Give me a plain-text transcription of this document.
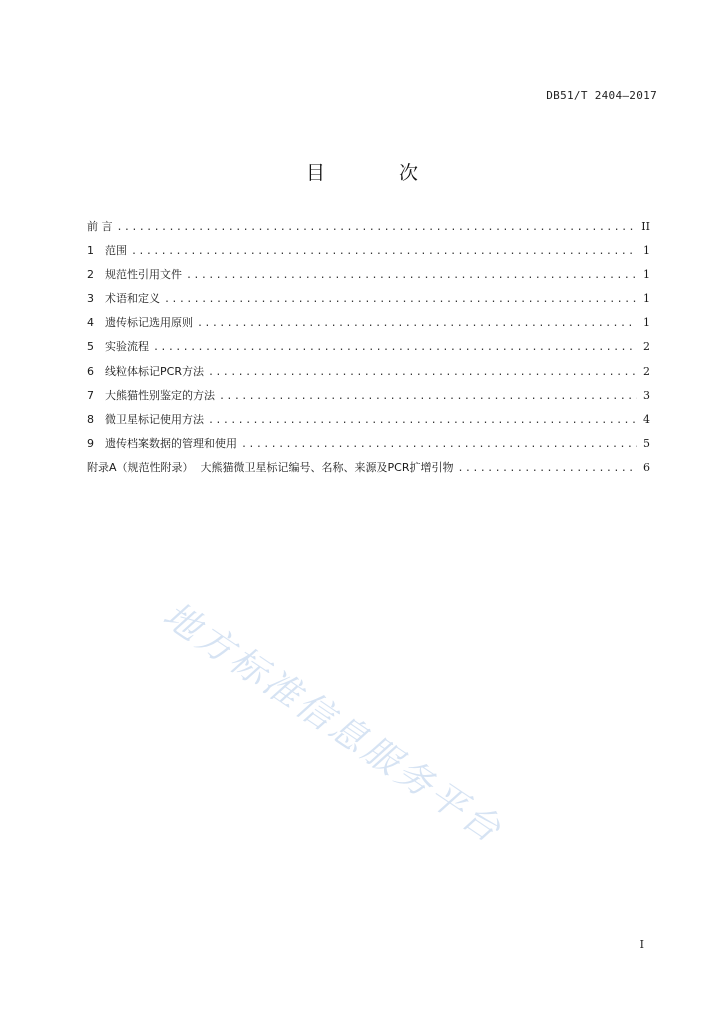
DB51/T 2404—2017
目 次
前 言 .....	II
1 范围 .....	1
2 规范性引用文件 .....	1
3 术语和定义 .....	1
4 遗传标记选用原则 .....	1
5 实验流程 .....	2
6 线粒体标记PCR方法 .....	2
7 大熊猫性别鉴定的方法 .....	3
8 微卫星标记使用方法 .....	4
9 遗传档案数据的管理和使用 .....	5
附录A（规范性附录）  大熊猫微卫星标记编号、名称、来源及PCR扩增引物 .....	6
地方标准信息服务平台
I
